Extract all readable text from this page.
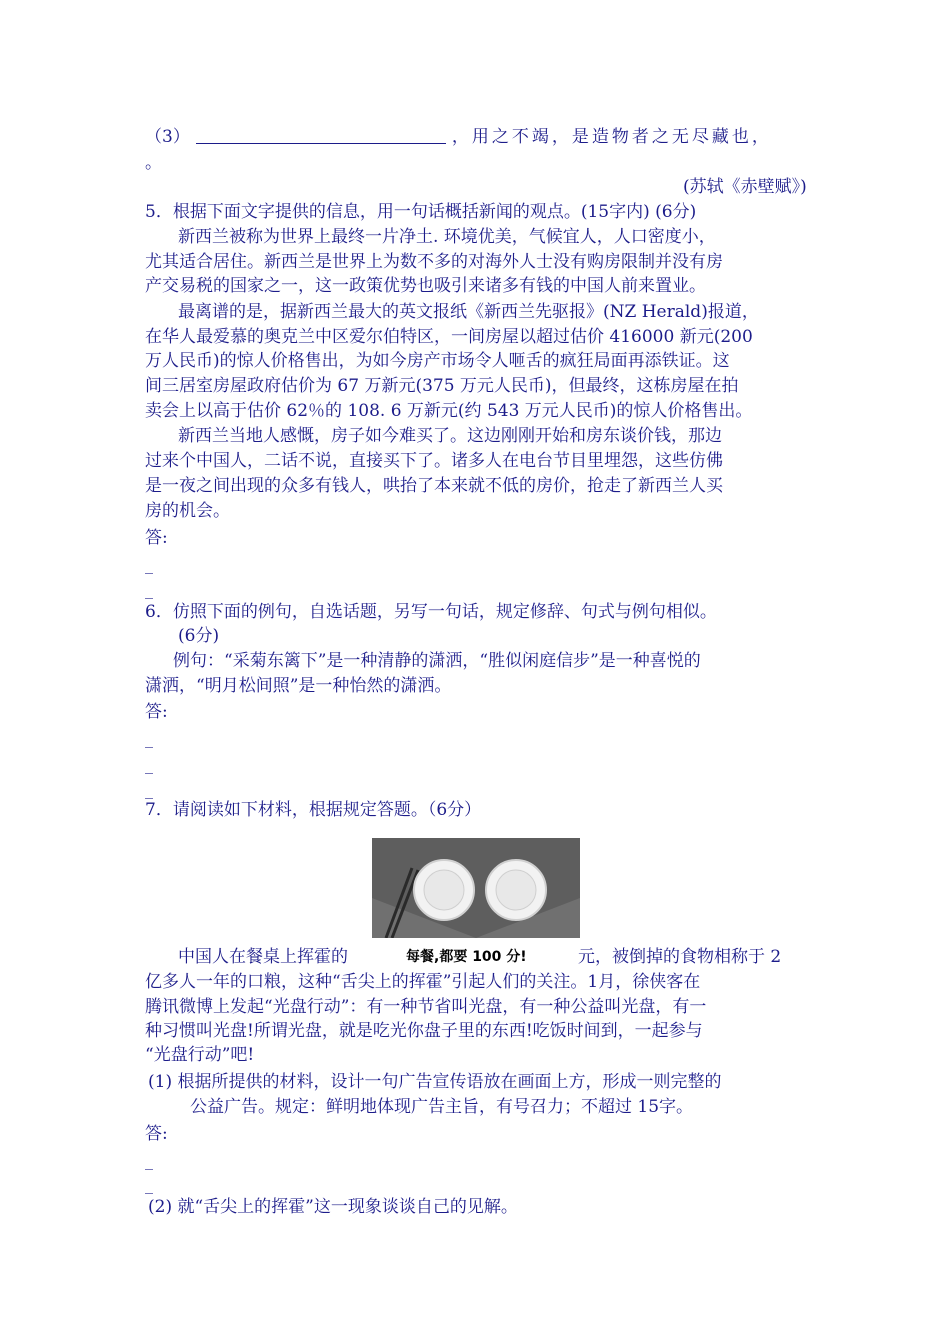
（3）	，用之不竭，是造物者之无尽藏也，
。
(苏轼《赤壁赋》)
5．根据下面文字提供的信息，用一句话概括新闻的观点。(15字内) (6分)
新西兰被称为世界上最终一片净土. 环境优美，气候宜人，人口密度小，
尤其适合居住。新西兰是世界上为数不多的对海外人士没有购房限制并没有房
产交易税的国家之一，这一政策优势也吸引来诸多有钱的中国人前来置业。
最离谱的是，据新西兰最大的英文报纸《新西兰先驱报》(NZ Herald)报道，
在华人最爱慕的奥克兰中区爱尔伯特区，一间房屋以超过估价 416000 新元(200
万人民币)的惊人价格售出，为如今房产市场令人咂舌的疯狂局面再添铁证。这
间三居室房屋政府估价为 67 万新元(375 万元人民币)，但最终，这栋房屋在拍
卖会上以高于估价 62％的 108. 6 万新元(约 543 万元人民币)的惊人价格售出。
新西兰当地人感慨，房子如今难买了。这边刚刚开始和房东谈价钱，那边
过来个中国人，二话不说，直接买下了。诸多人在电台节目里埋怨，这些仿佛
是一夜之间出现的众多有钱人，哄抬了本来就不低的房价，抢走了新西兰人买
房的机会。
答:
_
_
6．仿照下面的例句，自选话题，另写一句话，规定修辞、句式与例句相似。
(6分)
例句：“采菊东篱下”是一种清静的潇洒，“胜似闲庭信步”是一种喜悦的
潇洒，“明月松间照”是一种怡然的潇洒。
答:
_
_
_
7．请阅读如下材料，根据规定答题。（6分）
中国人在餐桌上挥霍的	每餐,都要 100 分!	元，被倒掉的食物相称于 2
亿多人一年的口粮，这种“舌尖上的挥霍”引起人们的关注。1月，徐侠客在
腾讯微博上发起“光盘行动”：有一种节省叫光盘，有一种公益叫光盘，有一
种习惯叫光盘!所谓光盘，就是吃光你盘子里的东西!吃饭时间到，一起参与
“光盘行动”吧!
(1) 根据所提供的材料，设计一句广告宣传语放在画面上方，形成一则完整的
公益广告。规定：鲜明地体现广告主旨，有号召力；不超过 15字。
答:
_
_
(2) 就“舌尖上的挥霍”这一现象谈谈自己的见解。
